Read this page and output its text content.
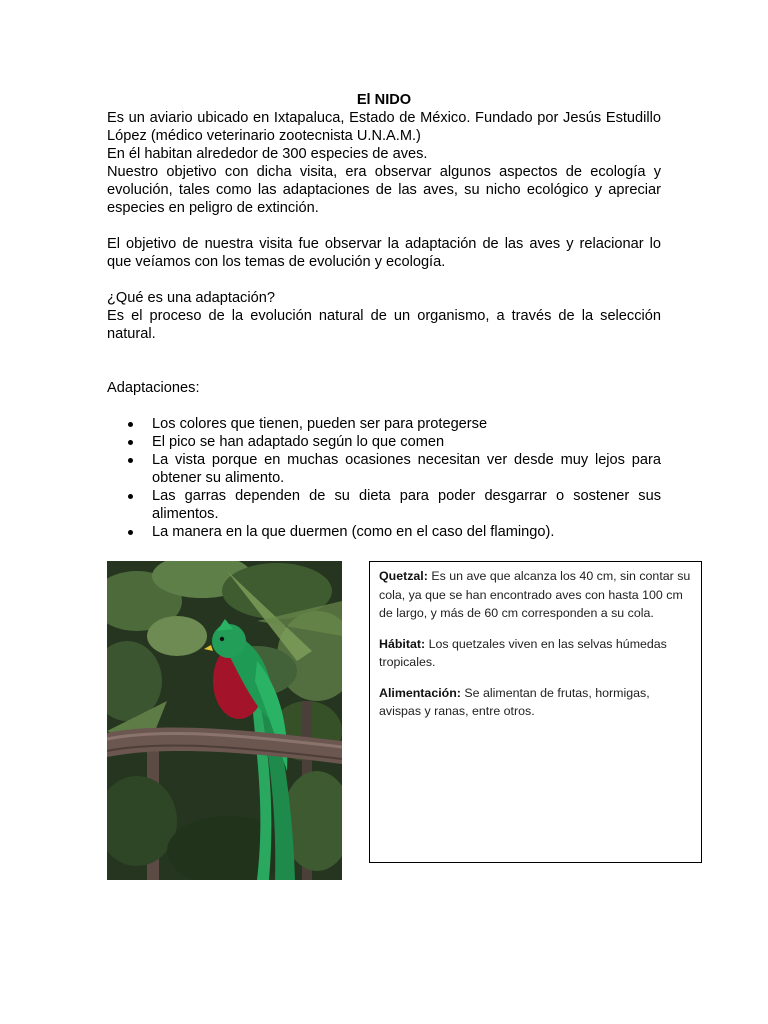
El NIDO

Es un aviario ubicado en Ixtapaluca, Estado de México. Fundado por Jesús Estudillo López (médico veterinario zootecnista U.N.A.M.)

En él habitan alrededor de 300 especies de aves.

Nuestro objetivo con dicha visita, era observar algunos aspectos de ecología y evolución, tales como las adaptaciones de las aves, su nicho ecológico y apreciar especies en peligro de extinción.

El objetivo de nuestra visita fue observar la adaptación de las aves y relacionar lo que veíamos con los temas de evolución y ecología.

¿Qué es una adaptación?

Es el proceso de la evolución natural de un organismo, a través de la selección natural.

Adaptaciones:

Los colores que tienen, pueden ser para protegerse
El pico se han adaptado según lo que comen
La vista porque en muchas ocasiones necesitan ver desde muy lejos para obtener su alimento.
Las garras dependen de su dieta para poder desgarrar o sostener sus alimentos.
La manera en la que duermen (como en el caso del flamingo).

Quetzal: Es un ave que alcanza los 40 cm, sin contar su cola, ya que se han encontrado aves con hasta 100 cm de largo, y más de 60 cm corresponden a su cola.

Hábitat: Los quetzales viven en las selvas húmedas tropicales.

Alimentación: Se alimentan de frutas, hormigas, avispas y ranas, entre otros.
